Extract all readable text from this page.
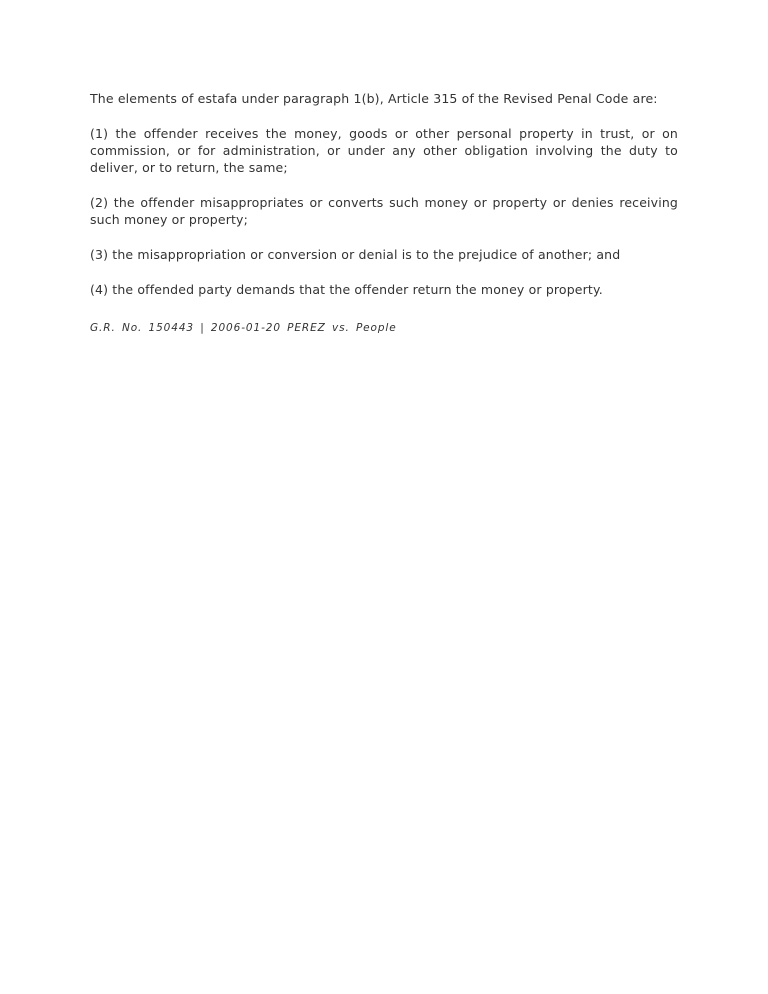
The elements of estafa under paragraph 1(b), Article 315 of the Revised Penal Code are:

(1) the offender receives the money, goods or other personal property in trust, or on commission, or for administration, or under any other obligation involving the duty to deliver, or to return, the same;

(2) the offender misappropriates or converts such money or property or denies receiving such money or property;

(3) the misappropriation or conversion or denial is to the prejudice of another; and

(4) the offended party demands that the offender return the money or property.

G.R. No. 150443 | 2006-01-20 PEREZ vs. People
